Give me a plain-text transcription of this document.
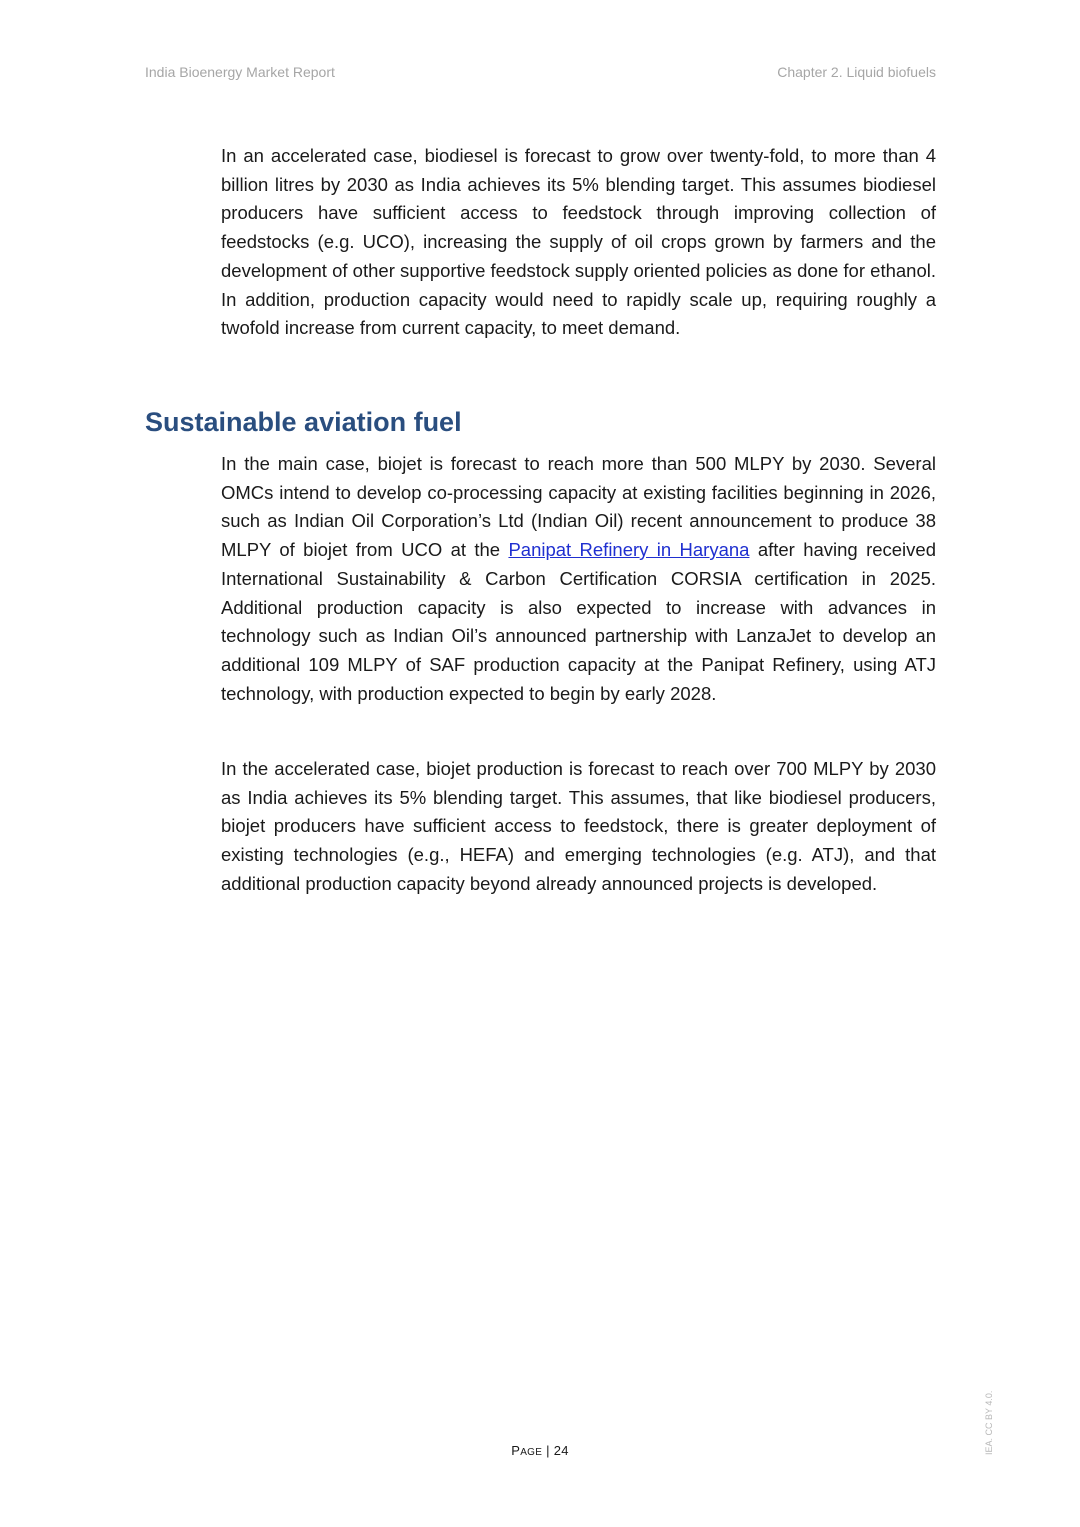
India Bioenergy Market Report	Chapter 2. Liquid biofuels

In an accelerated case, biodiesel is forecast to grow over twenty-fold, to more than 4 billion litres by 2030 as India achieves its 5% blending target. This assumes biodiesel producers have sufficient access to feedstock through improving collection of feedstocks (e.g. UCO), increasing the supply of oil crops grown by farmers and the development of other supportive feedstock supply oriented policies as done for ethanol. In addition, production capacity would need to rapidly scale up, requiring roughly a twofold increase from current capacity, to meet demand.

Sustainable aviation fuel

In the main case, biojet is forecast to reach more than 500 MLPY by 2030. Several OMCs intend to develop co-processing capacity at existing facilities beginning in 2026, such as Indian Oil Corporation’s Ltd (Indian Oil) recent announcement to produce 38 MLPY of biojet from UCO at the Panipat Refinery in Haryana after having received International Sustainability & Carbon Certification CORSIA certification in 2025. Additional production capacity is also expected to increase with advances in technology such as Indian Oil’s announced partnership with LanzaJet to develop an additional 109 MLPY of SAF production capacity at the Panipat Refinery, using ATJ technology, with production expected to begin by early 2028.

In the accelerated case, biojet production is forecast to reach over 700 MLPY by 2030 as India achieves its 5% blending target. This assumes, that like biodiesel producers, biojet producers have sufficient access to feedstock, there is greater deployment of existing technologies (e.g., HEFA) and emerging technologies (e.g. ATJ), and that additional production capacity beyond already announced projects is developed.

PAGE | 24	IEA. CC BY 4.0.
